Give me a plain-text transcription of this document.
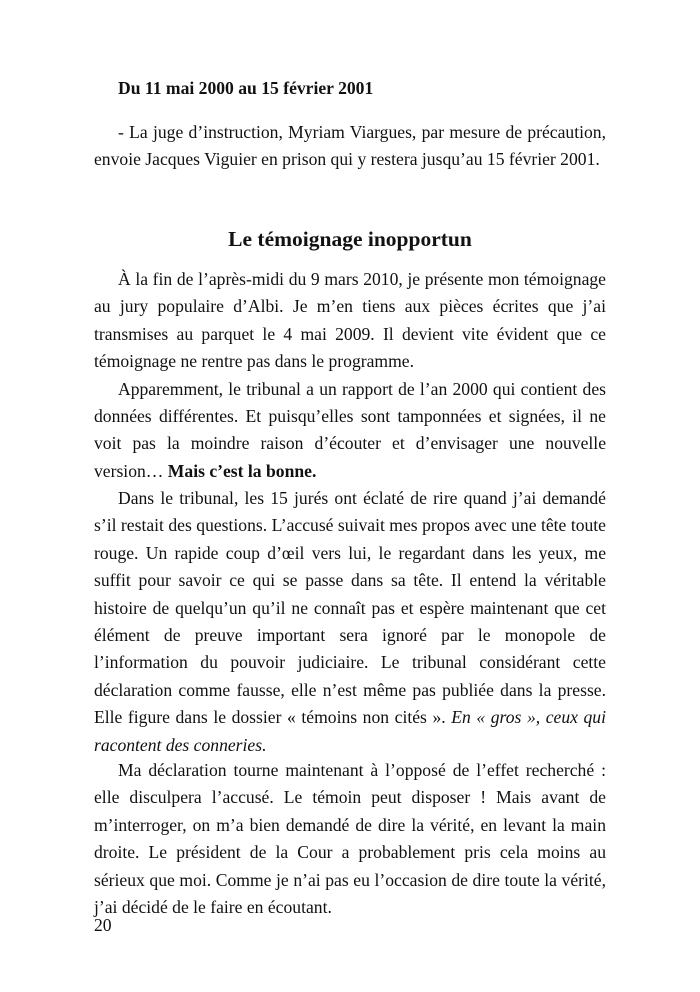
Du 11 mai 2000 au 15 février 2001

- La juge d’instruction, Myriam Viargues, par mesure de précaution, envoie Jacques Viguier en prison qui y restera jusqu’au 15 février 2001.

Le témoignage inopportun

À la fin de l’après-midi du 9 mars 2010, je présente mon témoignage au jury populaire d’Albi. Je m’en tiens aux pièces écrites que j’ai transmises au parquet le 4 mai 2009. Il devient vite évident que ce témoignage ne rentre pas dans le programme.

Apparemment, le tribunal a un rapport de l’an 2000 qui contient des données différentes. Et puisqu’elles sont tamponnées et signées, il ne voit pas la moindre raison d’écouter et d’envisager une nouvelle version… Mais c’est la bonne.

Dans le tribunal, les 15 jurés ont éclaté de rire quand j’ai demandé s’il restait des questions. L’accusé suivait mes propos avec une tête toute rouge. Un rapide coup d’œil vers lui, le regardant dans les yeux, me suffit pour savoir ce qui se passe dans sa tête. Il entend la véritable histoire de quelqu’un qu’il ne connaît pas et espère maintenant que cet élément de preuve important sera ignoré par le monopole de l’information du pouvoir judiciaire. Le tribunal considérant cette déclaration comme fausse, elle n’est même pas publiée dans la presse. Elle figure dans le dossier « témoins non cités ». En « gros », ceux qui racontent des conneries.

Ma déclaration tourne maintenant à l’opposé de l’effet recherché : elle disculpera l’accusé. Le témoin peut disposer ! Mais avant de m’interroger, on m’a bien demandé de dire la vérité, en levant la main droite. Le président de la Cour a probablement pris cela moins au sérieux que moi. Comme je n’ai pas eu l’occasion de dire toute la vérité, j’ai décidé de le faire en écoutant.

20
